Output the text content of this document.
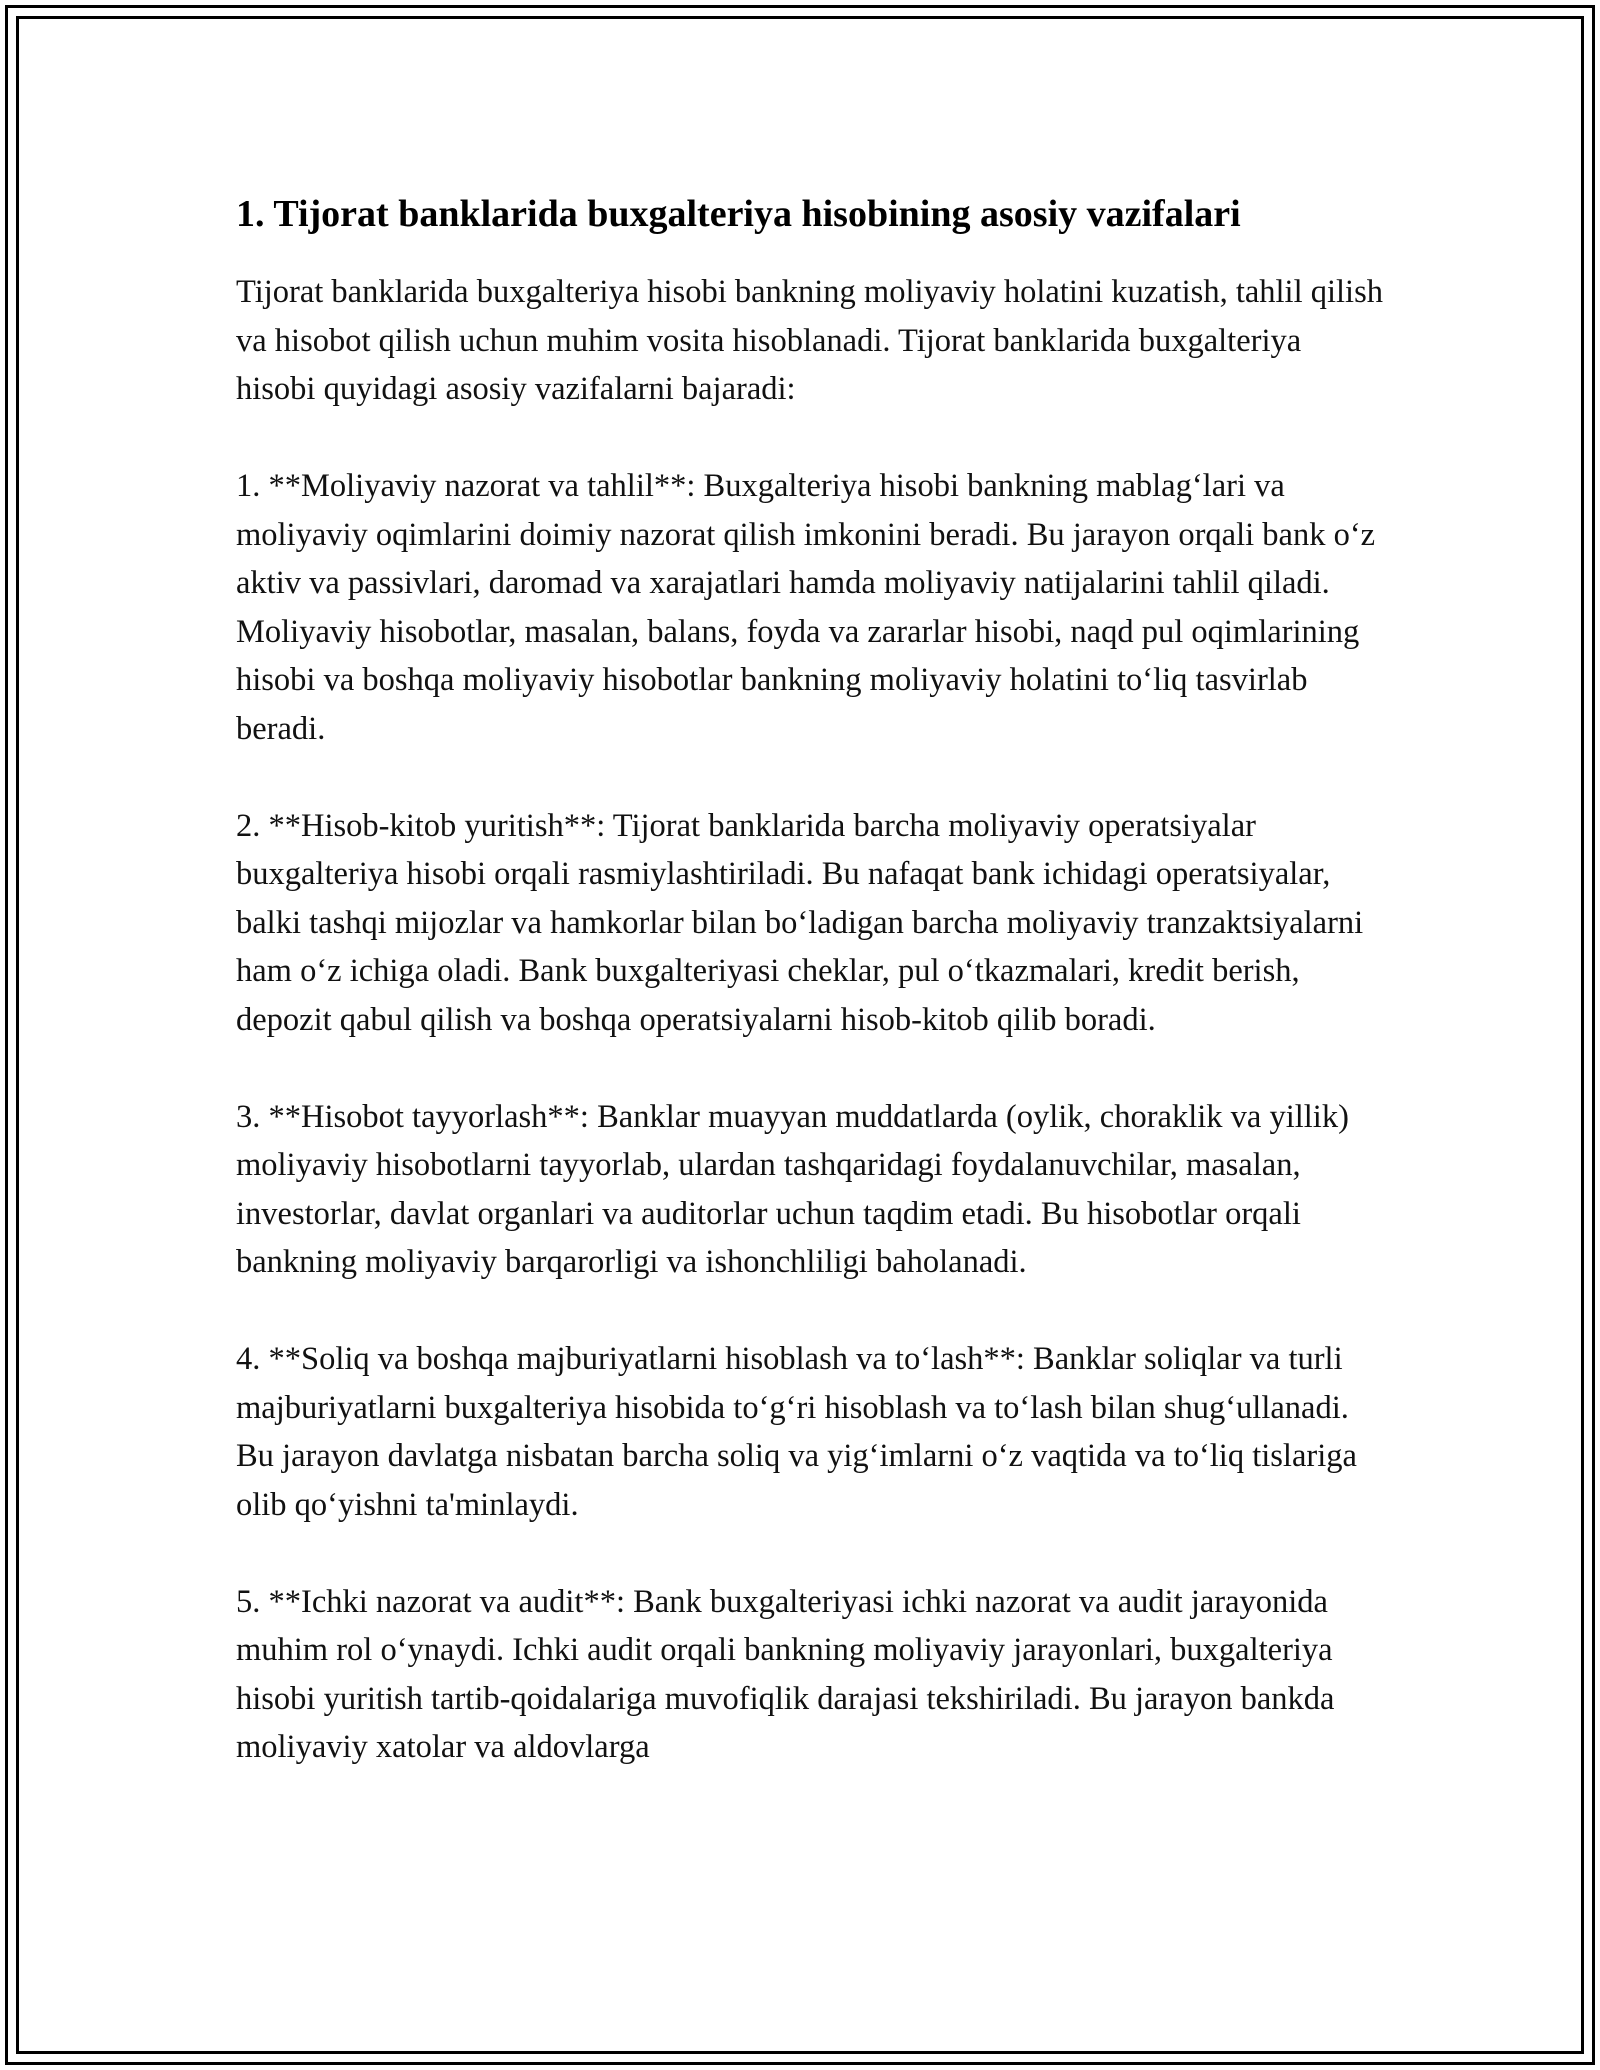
1. Tijorat banklarida buxgalteriya hisobining asosiy vazifalari

Tijorat banklarida buxgalteriya hisobi bankning moliyaviy holatini kuzatish, tahlil qilish va hisobot qilish uchun muhim vosita hisoblanadi. Tijorat banklarida buxgalteriya hisobi quyidagi asosiy vazifalarni bajaradi:

1. **Moliyaviy nazorat va tahlil**: Buxgalteriya hisobi bankning mablag‘lari va moliyaviy oqimlarini doimiy nazorat qilish imkonini beradi. Bu jarayon orqali bank o‘z aktiv va passivlari, daromad va xarajatlari hamda moliyaviy natijalarini tahlil qiladi. Moliyaviy hisobotlar, masalan, balans, foyda va zararlar hisobi, naqd pul oqimlarining hisobi va boshqa moliyaviy hisobotlar bankning moliyaviy holatini to‘liq tasvirlab beradi.

2. **Hisob-kitob yuritish**: Tijorat banklarida barcha moliyaviy operatsiyalar buxgalteriya hisobi orqali rasmiylashtiriladi. Bu nafaqat bank ichidagi operatsiyalar, balki tashqi mijozlar va hamkorlar bilan bo‘ladigan barcha moliyaviy tranzaktsiyalarni ham o‘z ichiga oladi. Bank buxgalteriyasi cheklar, pul o‘tkazmalari, kredit berish, depozit qabul qilish va boshqa operatsiyalarni hisob-kitob qilib boradi.

3. **Hisobot tayyorlash**: Banklar muayyan muddatlarda (oylik, choraklik va yillik) moliyaviy hisobotlarni tayyorlab, ulardan tashqaridagi foydalanuvchilar, masalan, investorlar, davlat organlari va auditorlar uchun taqdim etadi. Bu hisobotlar orqali bankning moliyaviy barqarorligi va ishonchliligi baholanadi.

4. **Soliq va boshqa majburiyatlarni hisoblash va to‘lash**: Banklar soliqlar va turli majburiyatlarni buxgalteriya hisobida to‘g‘ri hisoblash va to‘lash bilan shug‘ullanadi. Bu jarayon davlatga nisbatan barcha soliq va yig‘imlarni o‘z vaqtida va to‘liq tislariga olib qo‘yishni ta'minlaydi.

5. **Ichki nazorat va audit**: Bank buxgalteriyasi ichki nazorat va audit jarayonida muhim rol o‘ynaydi. Ichki audit orqali bankning moliyaviy jarayonlari, buxgalteriya hisobi yuritish tartib-qoidalariga muvofiqlik darajasi tekshiriladi. Bu jarayon bankda moliyaviy xatolar va aldovlarga
